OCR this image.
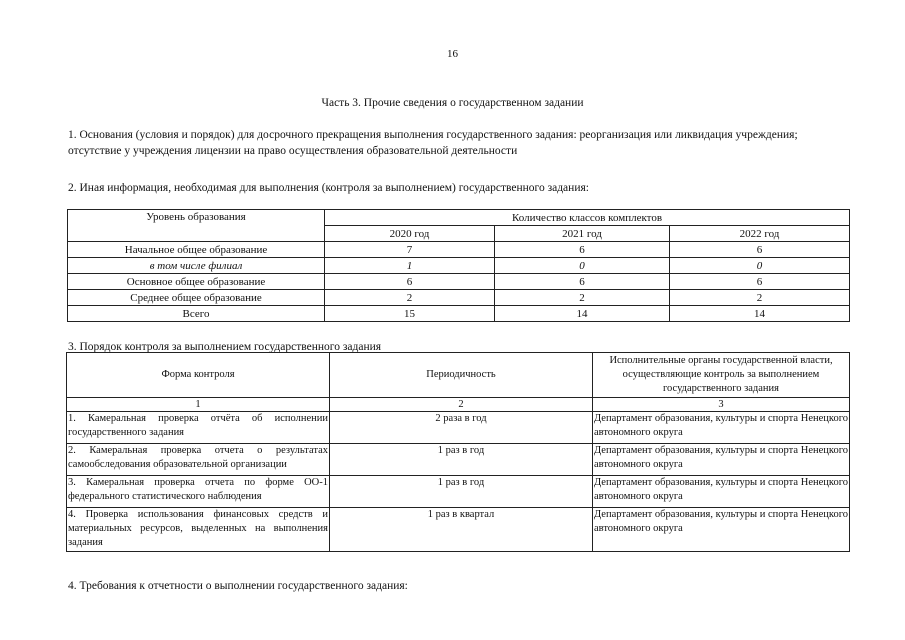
16
Часть 3. Прочие сведения о государственном задании
1. Основания (условия и порядок) для досрочного прекращения выполнения государственного задания: реорганизация или ликвидация учреждения; отсутствие у учреждения лицензии на право осуществления образовательной деятельности
2. Иная информация, необходимая для выполнения (контроля за выполнением) государственного задания:
Уровень образования	Количество классов комплектов		
	2020 год	2021 год	2022 год
Начальное общее образование	7	6	6
в том числе филиал	1	0	0
Основное общее образование	6	6	6
Среднее общее образование	2	2	2
Всего	15	14	14
3. Порядок контроля за выполнением государственного задания
Форма контроля	Периодичность	Исполнительные органы государственной власти, осуществляющие контроль за выполнением государственного задания
1	2	3
1. Камеральная проверка отчёта об исполнении государственного задания	2 раза в год	Департамент образования, культуры и спорта Ненецкого автономного округа
2. Камеральная проверка отчета о результатах самообследования образовательной организации	1 раз в год	Департамент образования, культуры и спорта Ненецкого автономного округа
3. Камеральная проверка отчета по форме ОО-1 федерального статистического наблюдения	1 раз в год	Департамент образования, культуры и спорта Ненецкого автономного округа
4. Проверка использования финансовых средств и материальных ресурсов, выделенных на выполнения задания	1 раз в квартал	Департамент образования, культуры и спорта Ненецкого автономного округа
4. Требования к отчетности о выполнении государственного задания:
